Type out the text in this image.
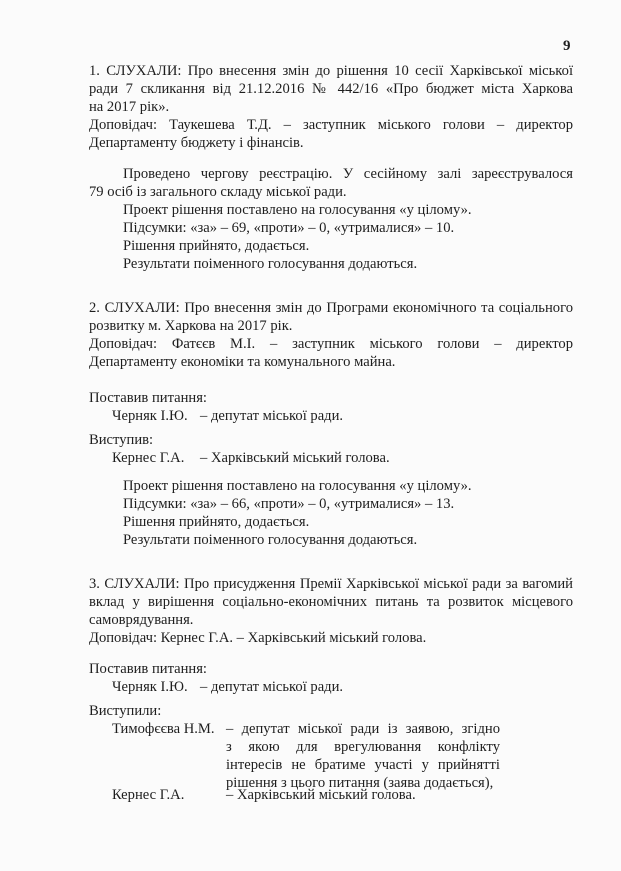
9
1. СЛУХАЛИ: Про внесення змін до рішення 10 сесії Харківської міської
ради 7 скликання від 21.12.2016 № 442/16 «Про бюджет міста Харкова
на 2017 рік».
Доповідач: Таукешева Т.Д. – заступник міського голови – директор
Департаменту бюджету і фінансів.
Проведено чергову реєстрацію. У сесійному залі зареєструвалося
79 осіб із загального складу міської ради.
Проект рішення поставлено на голосування «у цілому».
Підсумки: «за» – 69, «проти» – 0, «утрималися» – 10.
Рішення прийнято, додається.
Результати поіменного голосування додаються.
2. СЛУХАЛИ: Про внесення змін до Програми економічного та соціального
розвитку м. Харкова на 2017 рік.
Доповідач: Фатєєв М.І. – заступник міського голови – директор
Департаменту економіки та комунального майна.
Поставив питання:
Черняк І.Ю. – депутат міської ради.
Виступив:
Кернес Г.А. – Харківський міський голова.
Проект рішення поставлено на голосування «у цілому».
Підсумки: «за» – 66, «проти» – 0, «утрималися» – 13.
Рішення прийнято, додається.
Результати поіменного голосування додаються.
3. СЛУХАЛИ: Про присудження Премії Харківської міської ради за вагомий
вклад у вирішення соціально-економічних питань та розвиток місцевого
самоврядування.
Доповідач: Кернес Г.А. – Харківський міський голова.
Поставив питання:
Черняк І.Ю. – депутат міської ради.
Виступили:
Тимофєєва Н.М. – депутат міської ради із заявою, згідно
з якою для врегулювання конфлікту
інтересів не братиме участі у прийнятті
рішення з цього питання (заява додається),
Кернес Г.А.	– Харківський міський голова.
